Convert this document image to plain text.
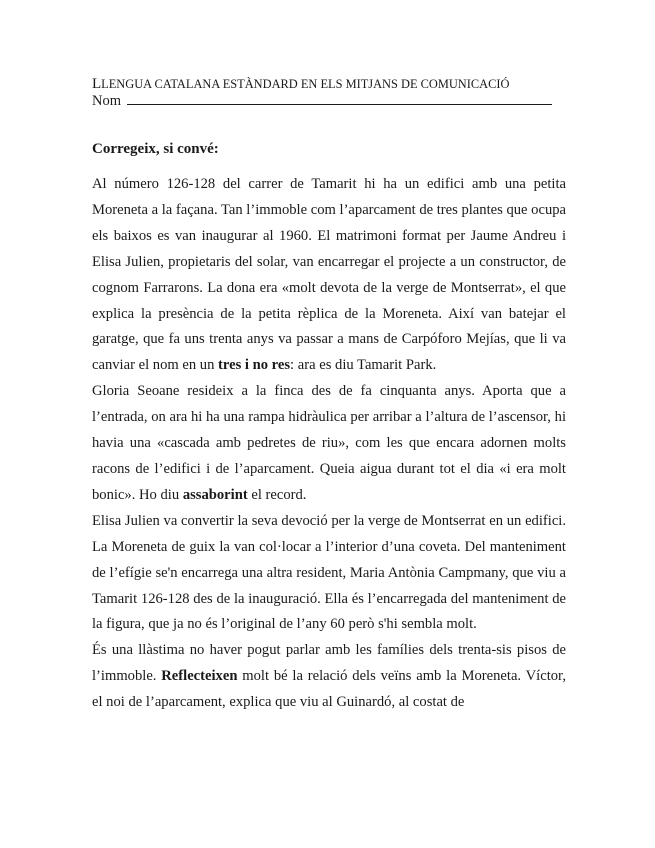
LLENGUA CATALANA ESTÀNDARD EN ELS MITJANS DE COMUNICACIÓ
Nom
Corregeix, si convé:

Al número 126-128 del carrer de Tamarit hi ha un edifici amb una petita Moreneta a la façana. Tan l’immoble com l’aparcament de tres plantes que ocupa els baixos es van inaugurar al 1960. El matrimoni format per Jaume Andreu i Elisa Julien, propietaris del solar, van encarregar el projecte a un constructor, de cognom Farrarons. La dona era «molt devota de la verge de Montserrat», el que explica la presència de la petita rèplica de la Moreneta. Així van batejar el garatge, que fa uns trenta anys va passar a mans de Carpóforo Mejías, que li va canviar el nom en un tres i no res: ara es diu Tamarit Park.

Gloria Seoane resideix a la finca des de fa cinquanta anys. Aporta que a l’entrada, on ara hi ha una rampa hidràulica per arribar a l’altura de l’ascensor, hi havia una «cascada amb pedretes de riu», com les que encara adornen molts racons de l’edifici i de l’aparcament. Queia aigua durant tot el dia «i era molt bonic». Ho diu assaborint el record.

Elisa Julien va convertir la seva devoció per la verge de Montserrat en un edifici. La Moreneta de guix la van col·locar a l’interior d’una coveta. Del manteniment de l’efígie se'n encarrega una altra resident, Maria Antònia Campmany, que viu a Tamarit 126-128 des de la inauguració. Ella és l’encarregada del manteniment de la figura, que ja no és l’original de l’any 60 però s'hi sembla molt.

És una llàstima no haver pogut parlar amb les famílies dels trenta-sis pisos de l’immoble. Reflecteixen molt bé la relació dels veïns amb la Moreneta. Víctor, el noi de l’aparcament, explica que viu al Guinardó, al costat de
